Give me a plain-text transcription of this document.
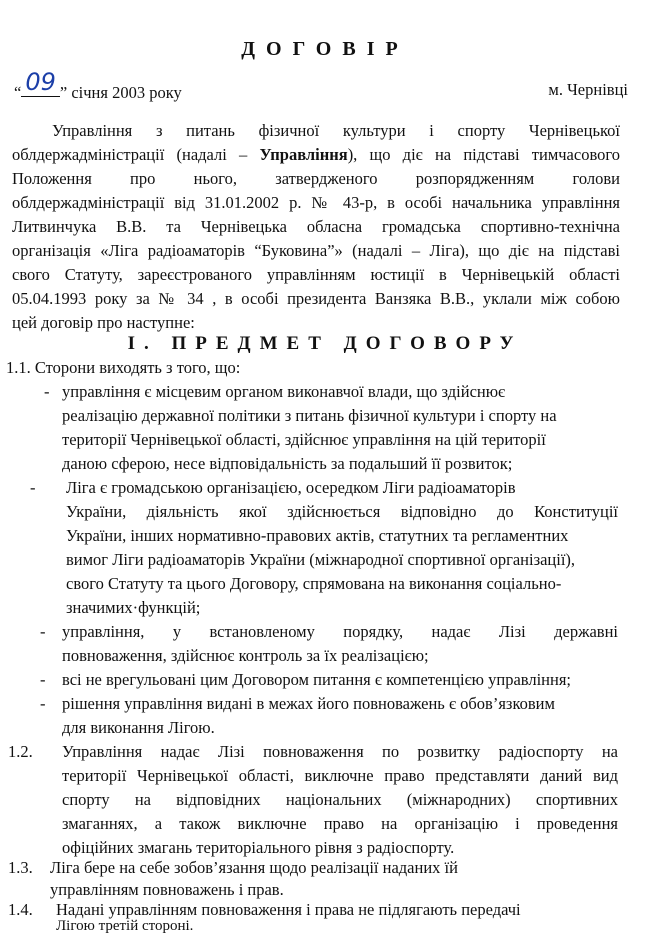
ДОГОВІР
“ 09 ” січня 2003 року	м. Чернівці
Управління з питань фізичної культури і спорту Чернівецької
облдержадміністрації (надалі – Управління), що діє на підставі тимчасового
Положення про нього, затвердженого розпорядженням голови
облдержадміністрації від 31.01.2002 р. № 43-р, в особі начальника управління
Литвинчука В.В. та Чернівецька обласна громадська спортивно-технічна
організація «Ліга радіоаматорів “Буковина”» (надалі – Ліга), що діє на підставі
свого Статуту, зареєстрованого управлінням юстиції в Чернівецькій області
05.04.1993 року за № 34 , в особі президента Ванзяка В.В., уклали між собою
цей договір про наступне:
I. ПРЕДМЕТ ДОГОВОРУ
1.1. Сторони виходять з того, що:
- управління є місцевим органом виконавчої влади, що здійснює
реалізацію державної політики з питань фізичної культури і спорту на
території Чернівецької області, здійснює управління на цій території
даною сферою, несе відповідальність за подальший її розвиток;
- Ліга є громадською організацією, осередком Ліги радіоаматорів
України, діяльність якої здійснюється відповідно до Конституції
України, інших нормативно-правових актів, статутних та регламентних
вимог Ліги радіоаматорів України (міжнародної спортивної організації),
свого Статуту та цього Договору, спрямована на виконання соціально-
значимих·функцій;
- управління, у встановленому порядку, надає Лізі державні
повноваження, здійснює контроль за їх реалізацією;
- всі не врегульовані цим Договором питання є компетенцією управління;
- рішення управління видані в межах його повноважень є обов’язковим
для виконання Лігою.
1.2. Управління надає Лізі повноваження по розвитку радіоспорту на
території Чернівецької області, виключне право представляти даний вид
спорту на відповідних національних (міжнародних) спортивних
змаганнях, а також виключне право на організацію і проведення
офіційних змагань територіального рівня з радіоспорту.
1.3. Ліга бере на себе зобов’язання щодо реалізації наданих їй
управлінням повноважень і прав.
1.4. Надані управлінням повноваження і права не підлягають передачі
Лігою третій стороні.
